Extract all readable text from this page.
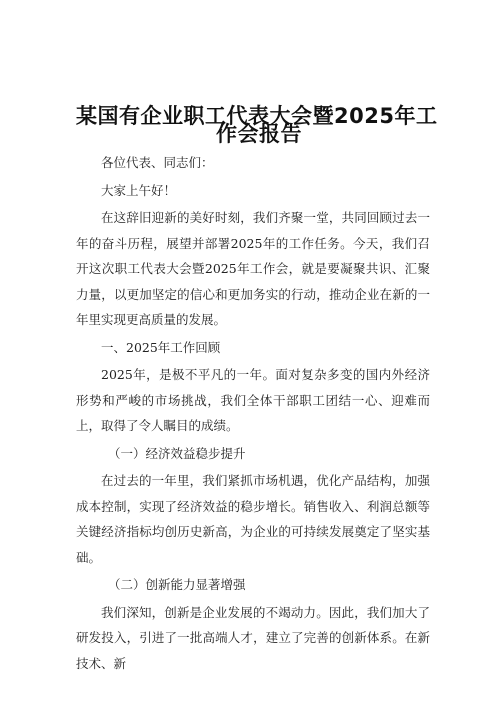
某国有企业职工代表大会暨2025年工
作会报告

各位代表、同志们：

大家上午好！

在这辞旧迎新的美好时刻，我们齐聚一堂，共同回顾过去一年的奋斗历程，展望并部署2025年的工作任务。今天，我们召开这次职工代表大会暨2025年工作会，就是要凝聚共识、汇聚力量，以更加坚定的信心和更加务实的行动，推动企业在新的一年里实现更高质量的发展。

一、2025年工作回顾

2025年，是极不平凡的一年。面对复杂多变的国内外经济形势和严峻的市场挑战，我们全体干部职工团结一心、迎难而上，取得了令人瞩目的成绩。

（一）经济效益稳步提升

在过去的一年里，我们紧抓市场机遇，优化产品结构，加强成本控制，实现了经济效益的稳步增长。销售收入、利润总额等关键经济指标均创历史新高，为企业的可持续发展奠定了坚实基础。

（二）创新能力显著增强

我们深知，创新是企业发展的不竭动力。因此，我们加大了研发投入，引进了一批高端人才，建立了完善的创新体系。在新技术、新
